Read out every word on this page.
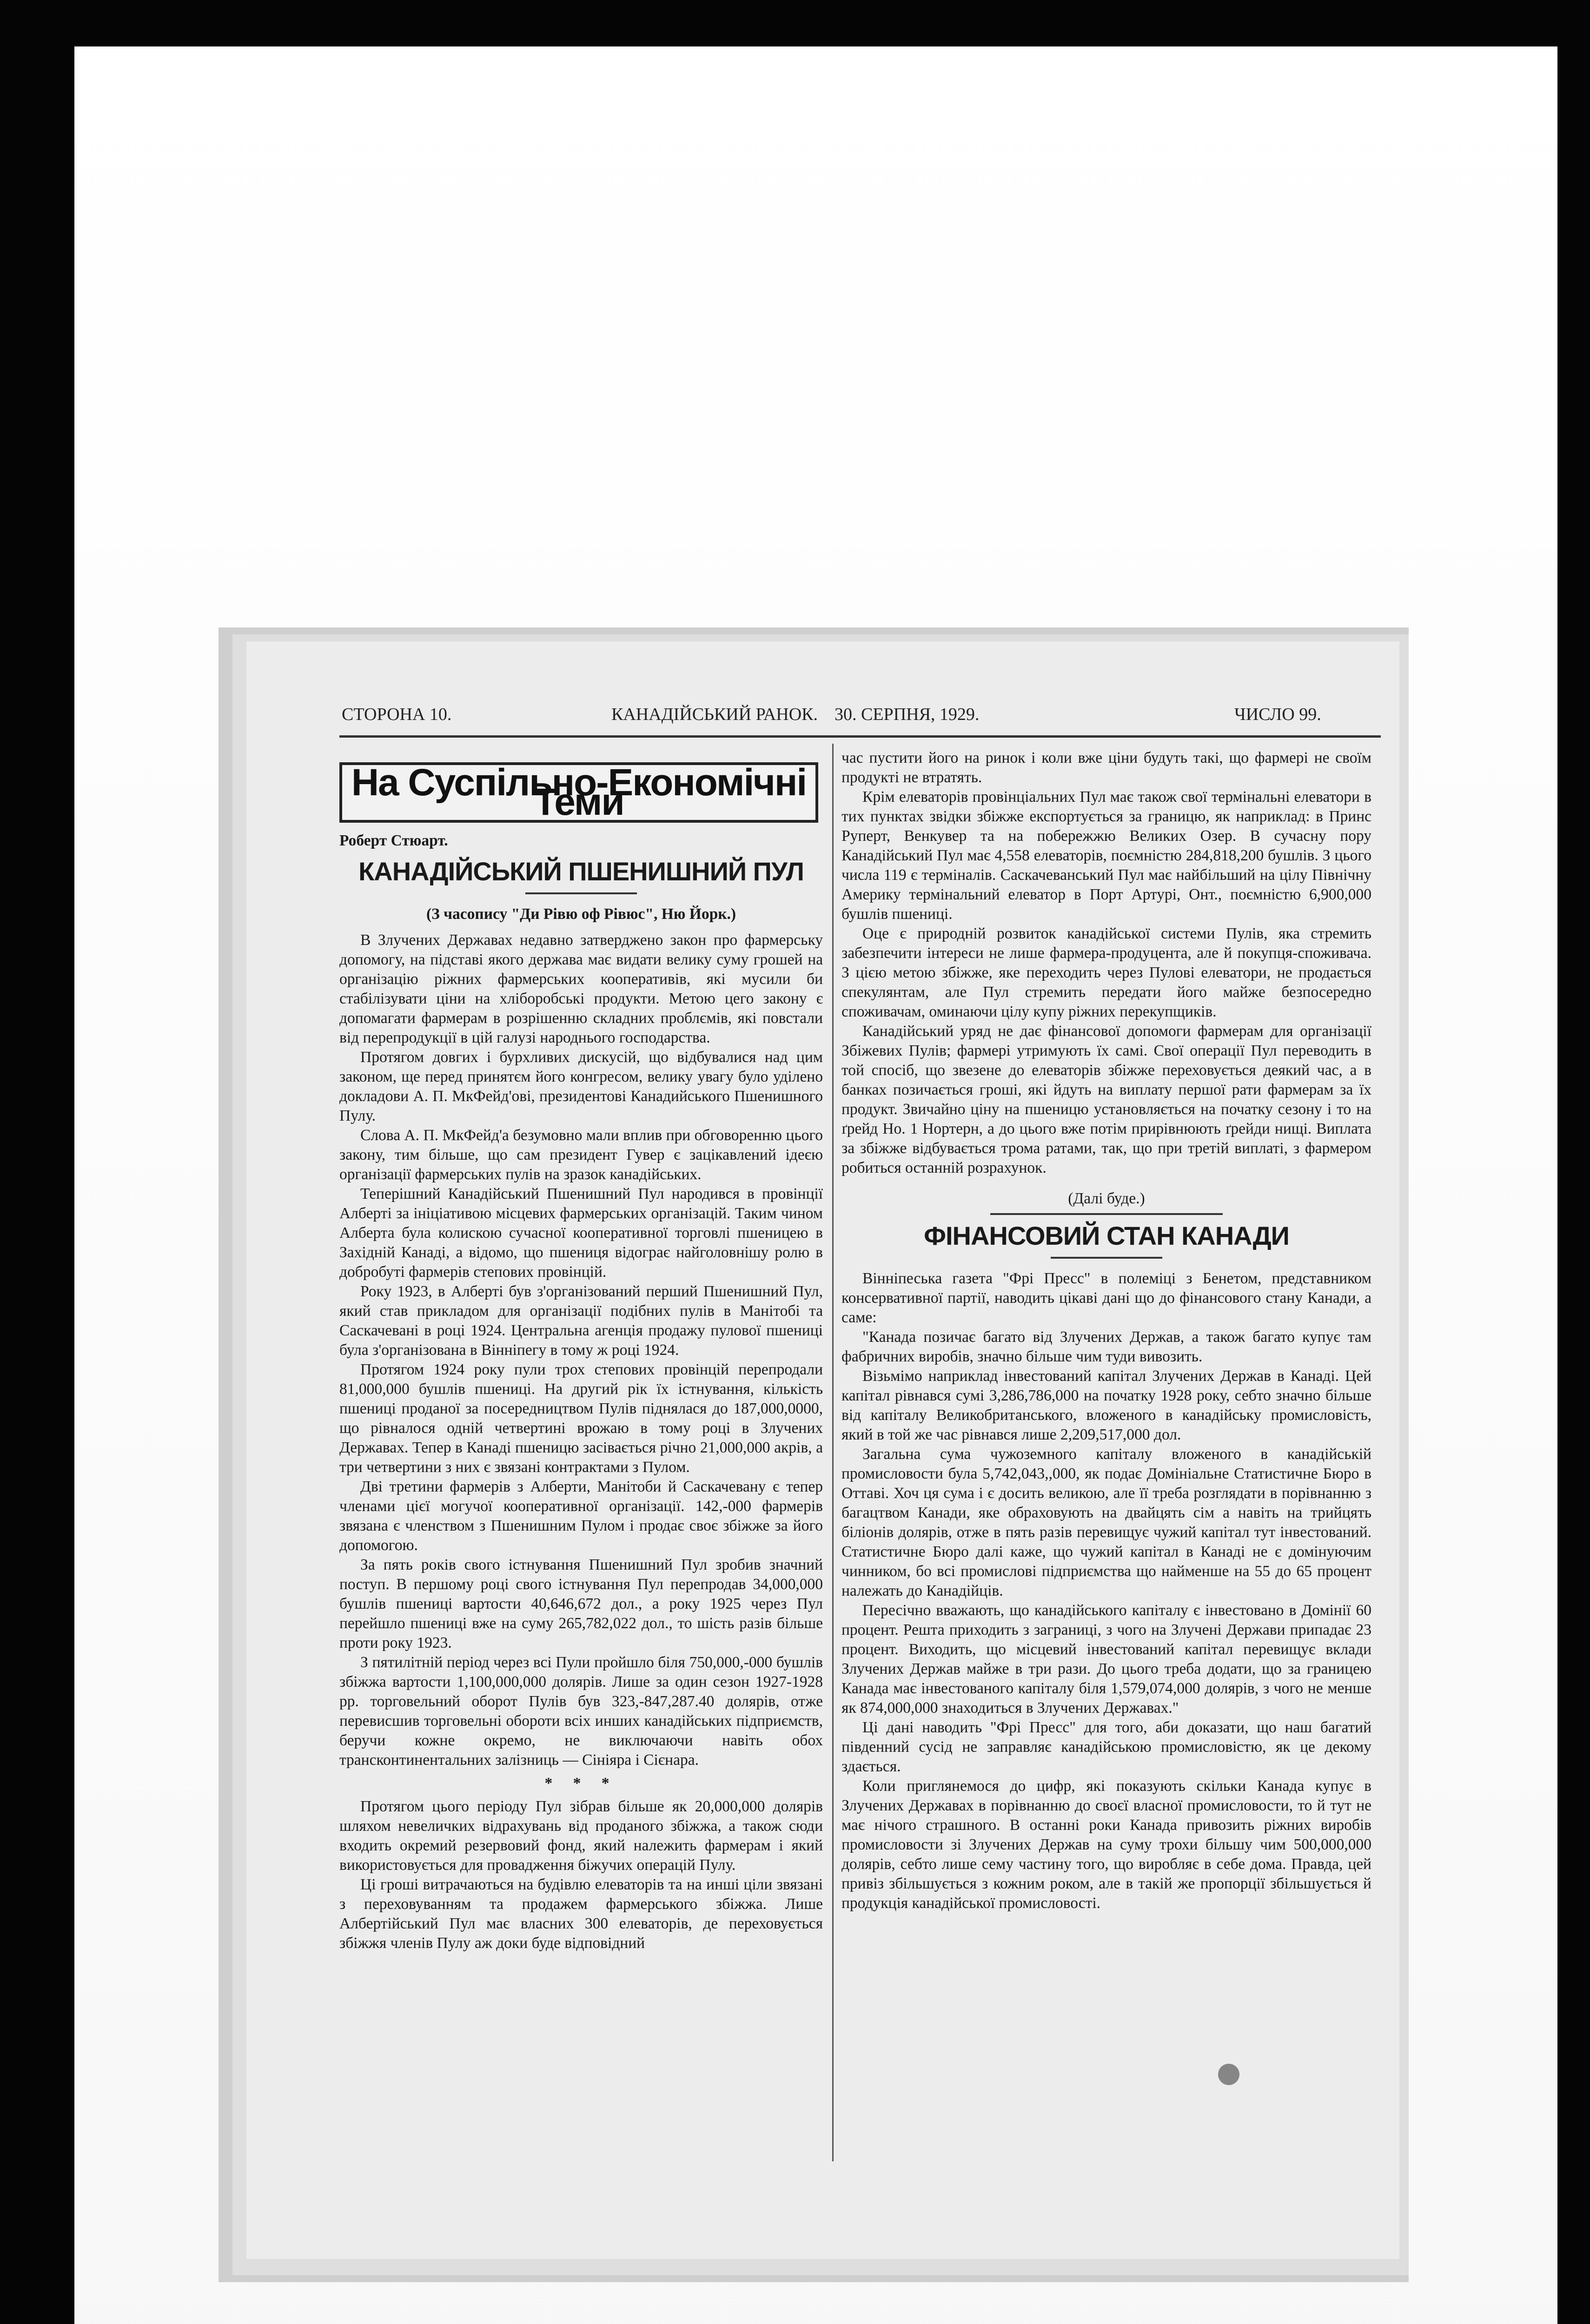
СТОРОНА 10.	КАНАДІЙСЬКИЙ РАНОК. 30. СЕРПНЯ, 1929.	ЧИСЛО 99.
На Суспільно-Економічні Теми

Роберт Стюарт.

КАНАДІЙСЬКИЙ ПШЕНИШНИЙ ПУЛ

(З часопису "Ди Рівю оф Рівюс", Ню Йорк.)

В Злучених Державах недавно затверджено закон про фармерську допомогу, на підставі якого держава має видати велику суму грошей на організацію ріжних фармерських кооперативів, які мусили би стабілізувати ціни на хліборобські продукти. Метою цего закону є допомагати фармерам в розрішенню складних проблємів, які повстали від перепродукції в цій галузі народнього господарства.

Протягом довгих і бурхливих дискусій, що відбувалися над цим законом, ще перед принятєм його конгресом, велику увагу було уділено докладови А. П. МкФейд'ові, президентові Канадийського Пшенишного Пулу.

Слова А. П. МкФейд'а безумовно мали вплив при обговоренню цього закону, тим більше, що сам президент Гувер є зацікавлений ідеєю організації фармерських пулів на зразок канадійських.

Теперішний Канадійський Пшенишний Пул народився в провінції Алберті за ініціативою місцевих фармерських організацій. Таким чином Алберта була колискою сучасної кооперативної торговлі пшеницею в Західній Канаді, а відомо, що пшениця відограє найголовнішу ролю в добробуті фармерів степових провінцій.

Року 1923, в Алберті був з'організований перший Пшенишний Пул, який став прикладом для організації подібних пулів в Манітобі та Саскачевані в році 1924. Центральна агенція продажу пулової пшениці була з'організована в Вінніпегу в тому ж році 1924.

Протягом 1924 року пули трох степових провінцій перепродали 81,000,000 бушлів пшениці. На другий рік їх істнування, кількість пшениці проданої за посередництвом Пулів піднялася до 187,000,0000, що рівналося одній четвертині врожаю в тому році в Злучених Державах. Тепер в Канаді пшеницю засівається річно 21,000,000 акрів, а три четвертини з них є звязані контрактами з Пулом.

Дві третини фармерів з Алберти, Манітоби й Саскачевану є тепер членами цієї могучої кооперативної організації. 142,-000 фармерів звязана є членством з Пшенишним Пулом і продає своє збіжже за його допомогою.

За пять років свого істнування Пшенишний Пул зробив значний поступ. В першому році свого істнування Пул перепродав 34,000,000 бушлів пшениці вартости 40,646,672 дол., а року 1925 через Пул перейшло пшениці вже на суму 265,782,022 дол., то шість разів більше проти року 1923.

З пятилітній період через всі Пули пройшло біля 750,000,-000 бушлів збіжжа вартости 1,100,000,000 долярів. Лише за один сезон 1927-1928 рр. торговельний оборот Пулів був 323,-847,287.40 долярів, отже перевисшив торговельні обороти всіх инших канадійських підприємств, беручи кожне окремо, не виключаючи навіть обох трансконтинентальних залізниць — Сініяра і Сієнара.

* * *

Протягом цього періоду Пул зібрав більше як 20,000,000 долярів шляхом невеличких відрахувань від проданого збіжжа, а також сюди входить окремий резервовий фонд, який належить фармерам і який використовується для провадження біжучих операцій Пулу.

Ці гроші витрачаються на будівлю елеваторів та на инші ціли звязані з переховуванням та продажем фармерського збіжжа. Лише Албертійський Пул має власних 300 елеваторів, де переховується збіжжя членів Пулу аж доки буде відповідний

час пустити його на ринок і коли вже ціни будуть такі, що фармері не своїм продукті не втратять.

Крім елеваторів провінціальних Пул має також свої термінальні елеватори в тих пунктах звідки збіжже експортується за границю, як наприклад: в Принс Руперт, Венкувер та на побережжю Великих Озер. В сучасну пору Канадійський Пул має 4,558 елеваторів, поємністю 284,818,200 бушлів. З цього числа 119 є терміналів. Саскачеванський Пул має найбільший на цілу Північну Америку термінальний елеватор в Порт Артурі, Онт., поємністю 6,900,000 бушлів пшениці.

Оце є природній розвиток канадійської системи Пулів, яка стремить забезпечити інтереси не лише фармера-продуцента, але й покупця-споживача. З цією метою збіжже, яке переходить через Пулові елеватори, не продається спекулянтам, але Пул стремить передати його майже безпосередно споживачам, оминаючи цілу купу ріжних перекупщиків.

Канадійський уряд не дає фінансової допомоги фармерам для організації Збіжевих Пулів; фармері утримують їх самі. Свої операції Пул переводить в той спосіб, що звезене до елеваторів збіжже переховується деякий час, а в банках позичається гроші, які йдуть на виплату першої рати фармерам за їх продукт. Звичайно ціну на пшеницю установляється на початку сезону і то на ґрейд Но. 1 Нортерн, а до цього вже потім прирівнюють ґрейди нищі. Виплата за збіжже відбувається трома ратами, так, що при третій виплаті, з фармером робиться останній розрахунок.

(Далі буде.)

ФІНАНСОВИЙ СТАН КАНАДИ

Вінніпеська газета "Фрі Пресс" в полеміці з Бенетом, представником консервативної партії, наводить цікаві дані що до фінансового стану Канади, а саме:

"Канада позичає багато від Злучених Держав, а також багато купує там фабричних виробів, значно більше чим туди вивозить.

Візьмімо наприклад інвестований капітал Злучених Держав в Канаді. Цей капітал рівнався сумі 3,286,786,000 на початку 1928 року, себто значно більше від капіталу Великобританського, вложеного в канадійську промисловість, який в той же час рівнався лише 2,209,517,000 дол.

Загальна сума чужоземного капіталу вложеного в канадійській промисловости була 5,742,043,,000, як подає Домініальне Статистичне Бюро в Оттаві. Хоч ця сума і є досить великою, але її треба розглядати в порівнанню з багацтвом Канади, яке обраховують на двайцять сім а навіть на трийцять біліонів долярів, отже в пять разів перевищує чужий капітал тут інвестований. Статистичне Бюро далі каже, що чужий капітал в Канаді не є домінуючим чинником, бо всі промислові підприємства що найменше на 55 до 65 процент належать до Канадійців.

Пересічно вважають, що канадійського капіталу є інвестовано в Домінії 60 процент. Решта приходить з заграниці, з чого на Злучені Держави припадає 23 процент. Виходить, що місцевий інвестований капітал перевищує вклади Злучених Держав майже в три рази. До цього треба додати, що за границею Канада має інвестованого капіталу біля 1,579,074,000 долярів, з чого не менше як 874,000,000 знаходиться в Злучених Державах."

Ці дані наводить "Фрі Пресс" для того, аби доказати, що наш багатий південний сусід не заправляє канадійською промисловістю, як це декому здається.

Коли приглянемося до цифр, які показують скільки Канада купує в Злучених Державах в порівнанню до своєї власної промисловости, то й тут не має нічого страшного. В останні роки Канада привозить ріжних виробів промисловости зі Злучених Держав на суму трохи більшу чим 500,000,000 долярів, себто лише сему частину того, що виробляє в себе дома. Правда, цей привіз збільшується з кожним роком, але в такій же пропорції збільшується й продукція канадійської промисловості.
